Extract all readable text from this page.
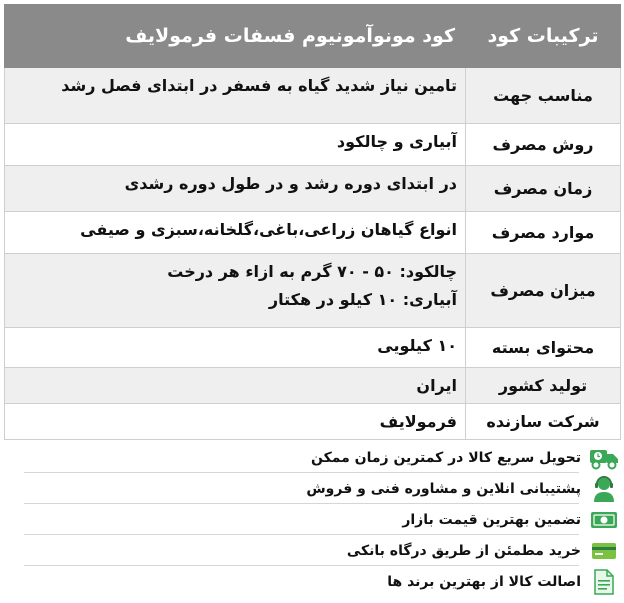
ترکیبات کود	کود مونوآمونیوم فسفات فرمولایف
مناسب جهت	تامین نیاز شدید گیاه به فسفر در ابتدای فصل رشد
روش مصرف	آبیاری و چالکود
زمان مصرف	در ابتدای دوره رشد و در طول دوره رشدی
موارد مصرف	انواع گیاهان زراعی،باغی،گلخانه،سبزی و صیفی
میزان مصرف	چالکود: ۵۰ - ۷۰ گرم به ازاء هر درخت
آبیاری: ۱۰ کیلو در هکتار

محتوای بسته	۱۰ کیلویی
تولید کشور	ایران
شرکت سازنده	فرمولایف
تحویل سریع کالا در کمترین زمان ممکن
پشتیبانی انلاین و مشاوره فنی و فروش
تضمین بهترین قیمت بازار
خرید مطمئن از طریق درگاه بانکی
اصالت کالا از بهترین برند ها
